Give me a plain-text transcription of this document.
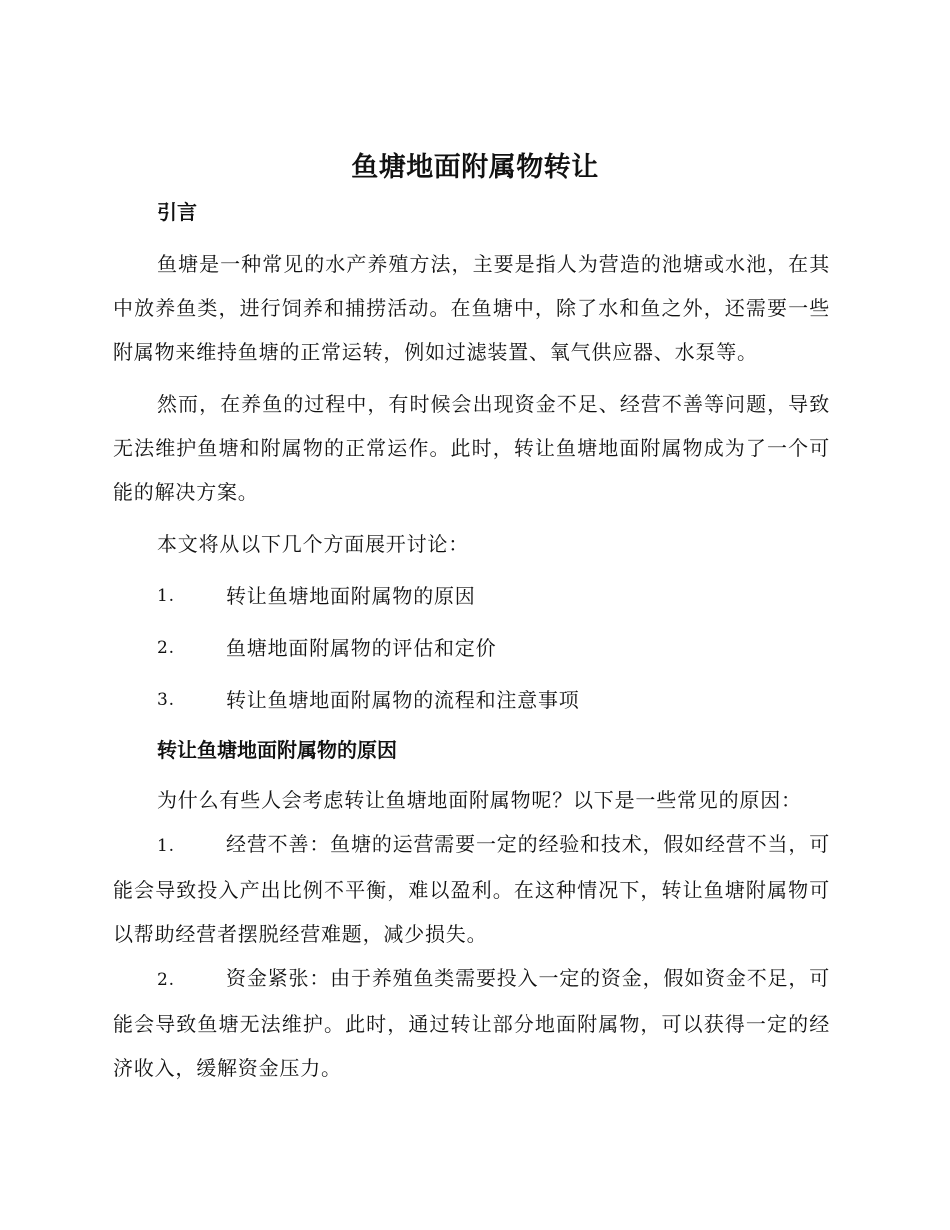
鱼塘地面附属物转让
引言

鱼塘是一种常见的水产养殖方法，主要是指人为营造的池塘或水池，在其中放养鱼类，进行饲养和捕捞活动。在鱼塘中，除了水和鱼之外，还需要一些附属物来维持鱼塘的正常运转，例如过滤装置、氧气供应器、水泵等。

然而，在养鱼的过程中，有时候会出现资金不足、经营不善等问题，导致无法维护鱼塘和附属物的正常运作。此时，转让鱼塘地面附属物成为了一个可能的解决方案。

本文将从以下几个方面展开讨论：

1.	转让鱼塘地面附属物的原因
2.	鱼塘地面附属物的评估和定价
3.	转让鱼塘地面附属物的流程和注意事项
转让鱼塘地面附属物的原因

为什么有些人会考虑转让鱼塘地面附属物呢？以下是一些常见的原因：

1.	经营不善：鱼塘的运营需要一定的经验和技术，假如经营不当，可能会导致投入产出比例不平衡，难以盈利。在这种情况下，转让鱼塘附属物可以帮助经营者摆脱经营难题，减少损失。

2.	资金紧张：由于养殖鱼类需要投入一定的资金，假如资金不足，可能会导致鱼塘无法维护。此时，通过转让部分地面附属物，可以获得一定的经济收入，缓解资金压力。
